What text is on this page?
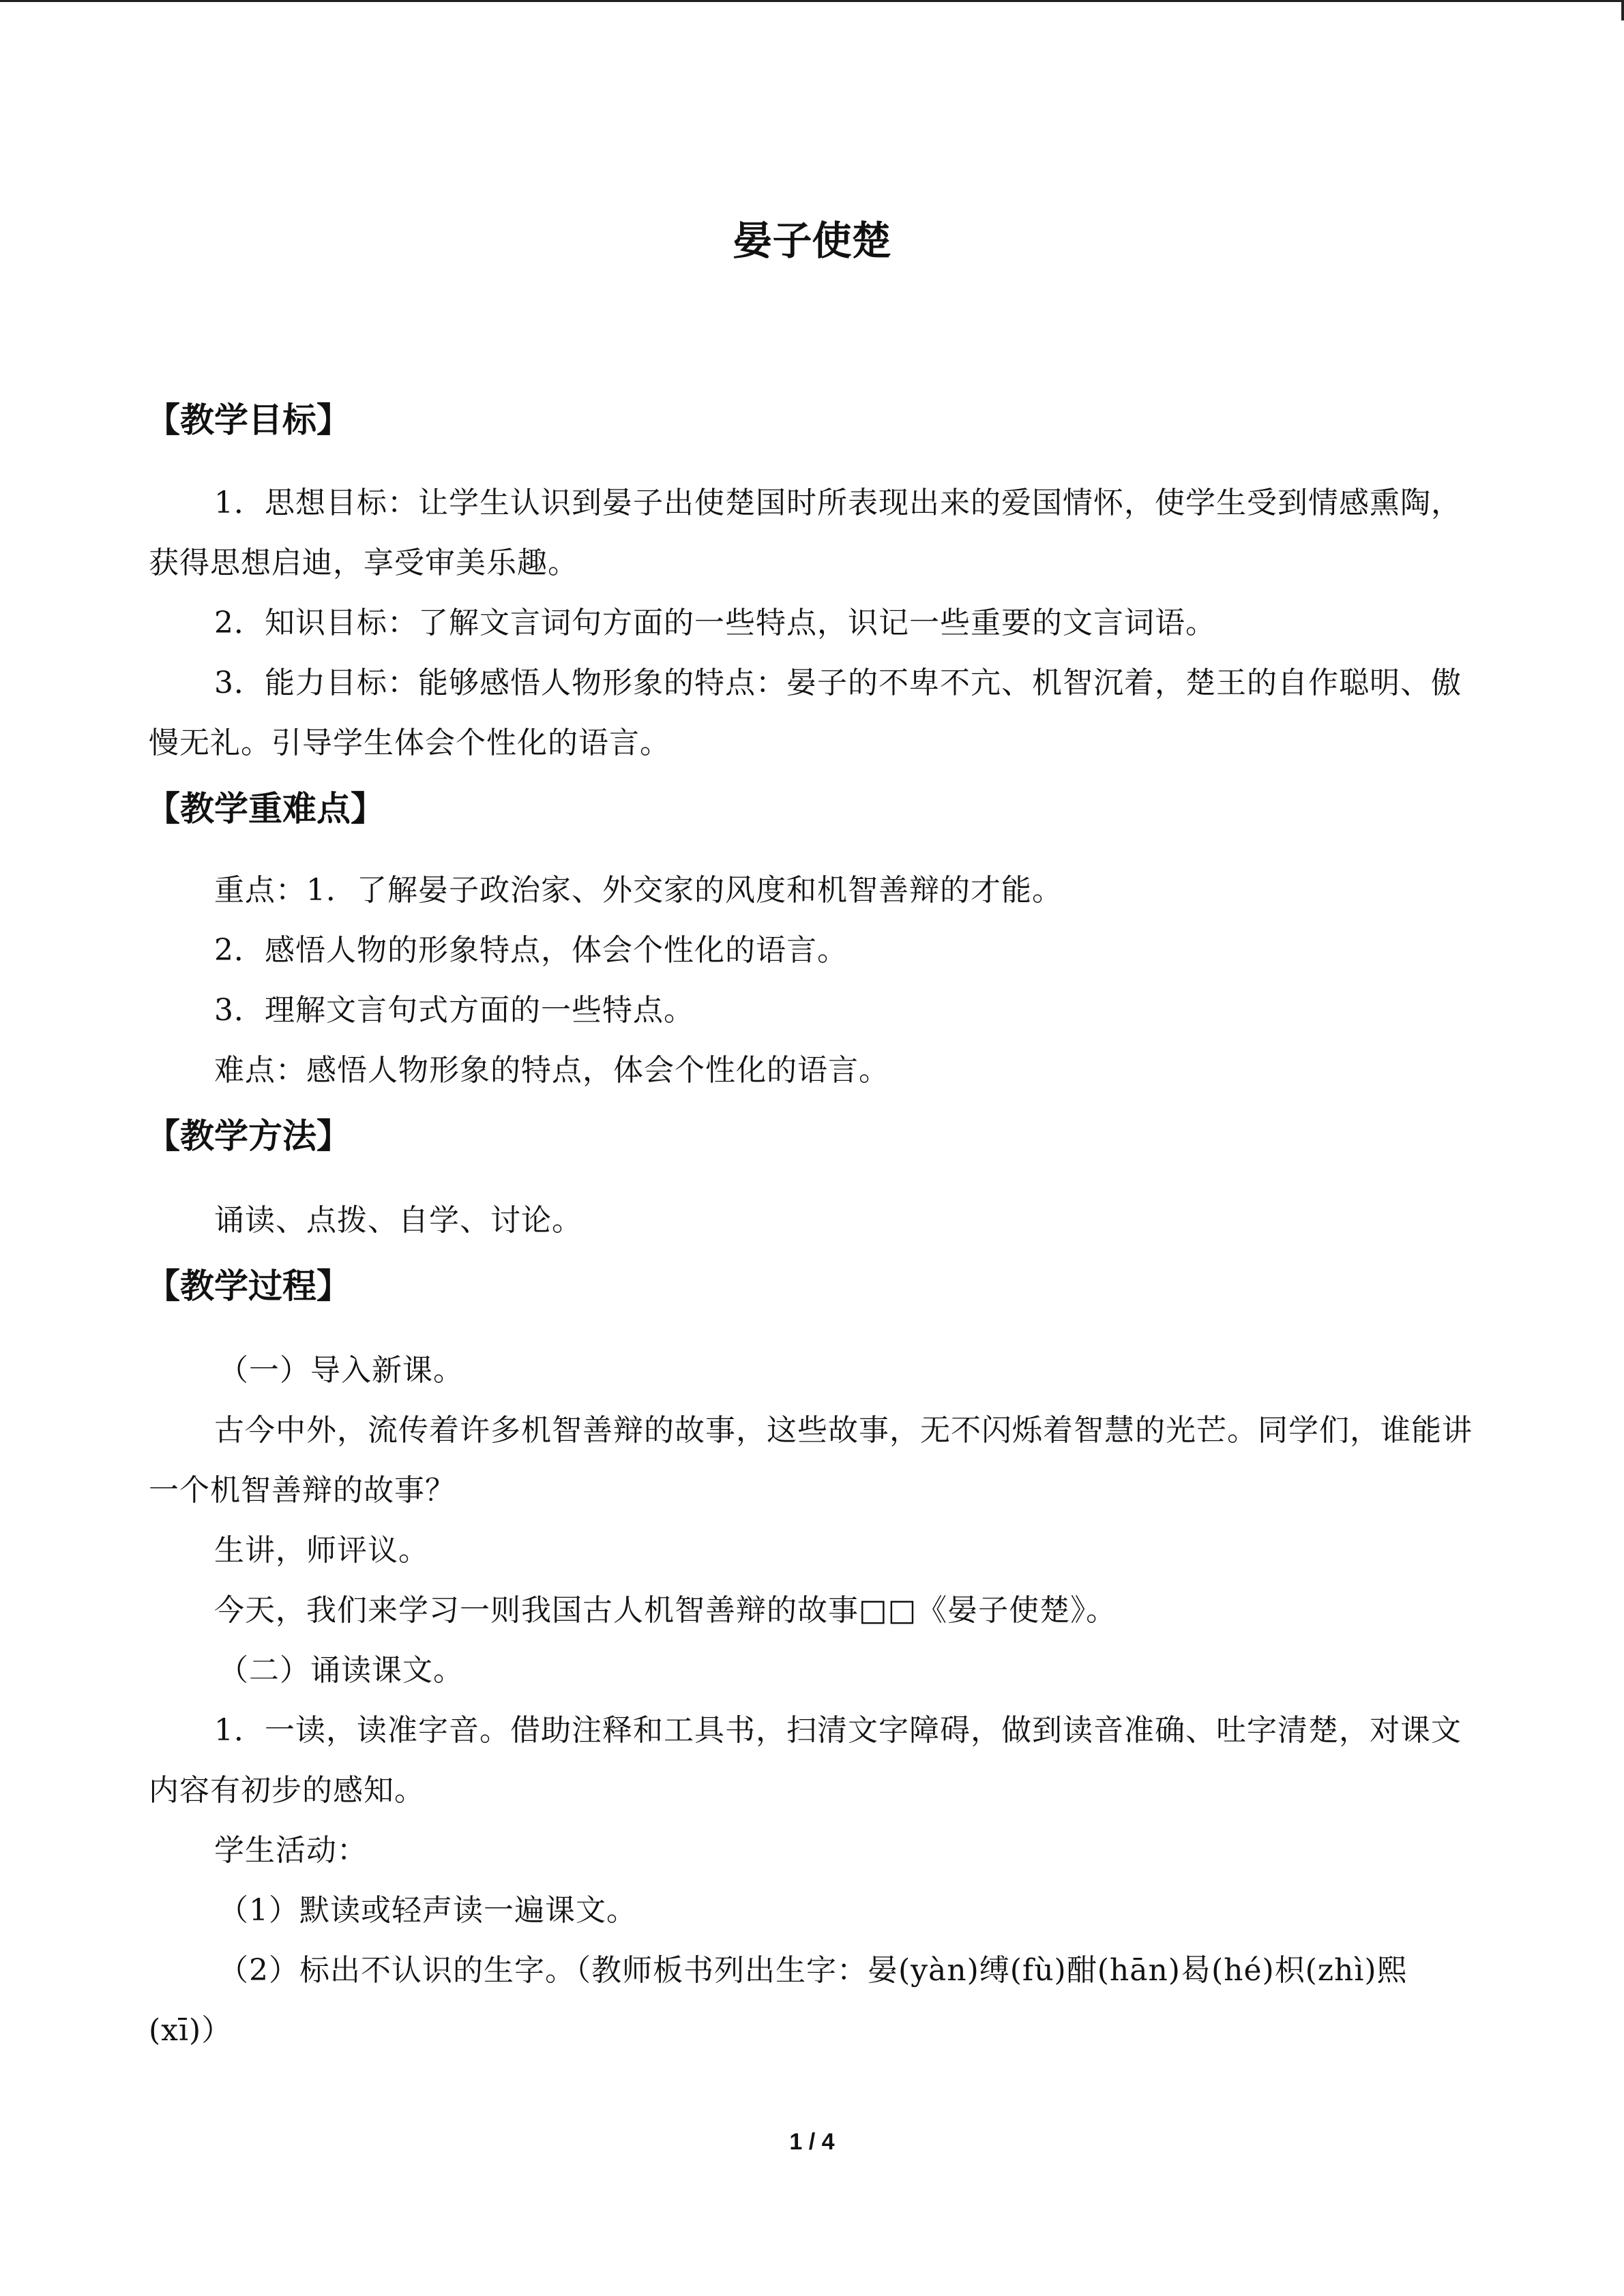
晏子使楚
【教学目标】

1．思想目标：让学生认识到晏子出使楚国时所表现出来的爱国情怀，使学生受到情感熏陶，获得思想启迪，享受审美乐趣。

2．知识目标：了解文言词句方面的一些特点，识记一些重要的文言词语。

3．能力目标：能够感悟人物形象的特点：晏子的不卑不亢、机智沉着，楚王的自作聪明、傲慢无礼。引导学生体会个性化的语言。

【教学重难点】

重点：1．了解晏子政治家、外交家的风度和机智善辩的才能。

2．感悟人物的形象特点，体会个性化的语言。

3．理解文言句式方面的一些特点。

难点：感悟人物形象的特点，体会个性化的语言。

【教学方法】

诵读、点拨、自学、讨论。

【教学过程】

（一）导入新课。

古今中外，流传着许多机智善辩的故事，这些故事，无不闪烁着智慧的光芒。同学们，谁能讲一个机智善辩的故事？

生讲，师评议。

今天，我们来学习一则我国古人机智善辩的故事□□《晏子使楚》。

（二）诵读课文。

1．一读，读准字音。借助注释和工具书，扫清文字障碍，做到读音准确、吐字清楚，对课文内容有初步的感知。

学生活动：

（1）默读或轻声读一遍课文。

（2）标出不认识的生字。（教师板书列出生字：晏(yàn)缚(fù)酣(hān)曷(hé)枳(zhì)熙(xī)）

1 / 4
